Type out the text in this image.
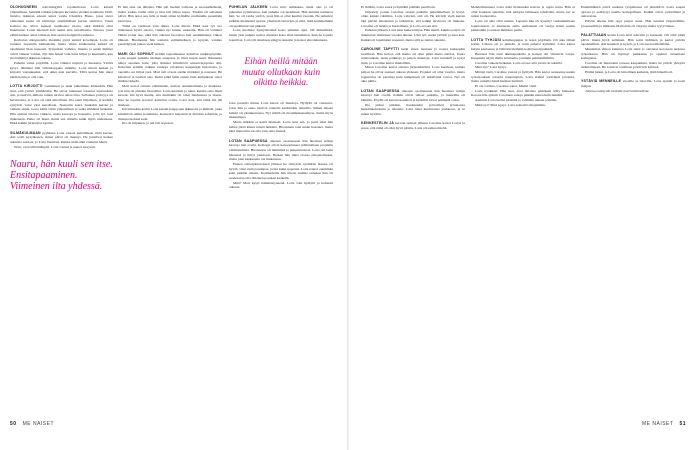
OLOHUONEEN sohvalängyllä rojahtelivaan Lotta katseli ympärilleen. Seinällä roikkui jalkojen kuvaama vitsikäs kaunistus 1920-luvulta, ikkunan edessä seisoi vanha Chambre Bleue, jossa oleva valkoinen kuusi oli näyttänyt ensimmäisen kerran sisävalot. Tässä kodissa he olivat asuneet neljätoista vuotta, eikä mikään ollut muuttunut. Lotan mielestä koti tuntui aina turvalliselta. Talossa, jossa elämä kulkee omaa tahtiaan, hän saattoi hengittää rauhassa.

Kotitalon ulkopuolella maailma pyöri entistä kovempaa. Lotta oli tottunut nopeisiin käänteisiin, mutta viime kuukausina kaikki oli tapahtunut liian nopeasti. Työpaikan vaihdos, muutto ja uudet ihmiset olivat vieneet voimat. Nyt hän halusi vain istua hiljaa ja kuunnella, kun ilta hämärtyi ikkunan takana.

Puhelin värisi pöydällä. Lotta vilkaisi näyttöä ja huokaisi. Ystävä kysyi, lähtisikö hän viikonloppuna mökille. Lotta mietti hetken ja kirjoitti vastaukseksi, että ehkä ensi kerralla. Tällä kertaa hän aikoi jäädä kotiin ja olla vain.

LOTTA KIRJOITTI vastauksen ja laski puhelimen kädestään. Hän tiesi, että ystävä ymmärtäisi. He olivat tunteneet toisensa lapsuudesta asti, ja tiesivät, milloin toinen tarvitsi omaa tilaa. Sellainen ystävyys oli harvinaista, ja Lotta oli siitä kiitollinen. Ilta eteni hiljalleen, ja kadulla syttyivät valot yksi kerrallaan. Naapurin koira haukahti kerran ja vaikeni sitten. Lotta kääri viltin ympärilleen ja sulki silmänsä hetkeksi. Hän ajatteli tulevaa viikkoa, uusia kasvoja ja haasteita, joita työ toisi mukanaan. Pelko oli läsnä, mutta sen rinnalla kulki myös uteliaisuus. Ehkä kaikki järjestyisi lopulta.

SILMÄKULMAAN pyyhkien Lotta vastasi puhelimeen vielä kerran. Äiti soitti kysyäkseen, miten päivä oli mennyt. He juttelivat hetken arkisista asioista, ja Lotta huomasi, kuinka äidin ääni rauhoitti häntä.

Noin, vaan tällä käänpää, Lotta vastasi ja nauroi kevyesti.

Nauru, hän kuuli sen itse.
Ensitapaaminen.
Viimeinen ilta yhdessä.

Ei hän aina ole tällaista. Hän piti itseään vahvana ja suoraselkäisenä, mutta joskus rauha riitti ja itku tuli ilman lupaa. Tänään oli sellainen päivä. Hän antoi sen tulla ja meni sitten kylmälle vesihanalle pesemään kasvonsa.

Tämä on varmaan vain alkua, Lotta mietti. Ehkä uusi työ tuo mukanaan hyviä asioita, vaikka nyt tuntuu raskaalta. Hän oli valinnut tämän polun itse, eikä hän aikonut luovuttaa heti ensimmäisen viikon jälkeen. Huomenna hän soittaisi esimiehelleen ja kysyisi, voisiko perehdytystä jatkaa vielä hetken.

MARI OLI SOPINUT heidän tapaamisensa kahvilan nurkkapöytään. Lotta saapui paikalle hieman etuajassa ja tilasi kupin teetä. Ikkunasta näkyi sateinen katu, jolla ihmiset kiirehtivät sateenvarjojensa alla. Kahvilan seinillä roikkui vanhoja valokuvia kaupungin historiasta, ja taustalla soi hiljaa jazz. Mari tuli ovesta sisään märkänä ja nauraen. He halasivat ja istuivat alas. Kului pitkä hetki ennen kuin kumpikaan sanoi mitään tärkeää.

Mari kertoi omasta elämästään, uusista suunnitelmista ja matkasta, jota hän oli pitkään haaveillut. Lotta kuunteli ja tunsi, kuinka oma mieli keveni. Oli hyvä kuulla, että muillakin oli omat murheensa ja ilonsa. Kun he lopulta erosivat kahvilan ovella, Lotta tiesi, että tämä ilta jää mieleen.

Kävellessään kotiin Lotta katseli kauppojen ikkunoita ja ihmisiä, jotka kiirehtivät omiin koteihinsa. Katuvalot heijastuivat märästä asfaltista, ja ilmassa tuoksui sade.

Ilta oli hiljainen, ja uni tuli nopeasti.

PUHELUN JÄLKEEN Lotta kävi suihkussa, meni alas ja oli pukeutua pyjamaansa, kun puhelin soi uudelleen. Hän tunnisti numeron heti. Se oli vanha ystävä, josta hän ei ollut kuullut vuosiin. He puhuivat pitkään menneistä ajoista, yhteisistä tuttavista ja siitä, mitä kummallekin oli tapahtunut sen jälkeen.

Lotta huomasi hymyilevänsä koko puhelun ajan. Oli ihmeellistä, miten yksi puhelu saattoi muuttaa koko illan tunnelman. Kun he lopulta lopettivat, Lotta jäi istumaan sängyn reunalle ja katsoi ulos ikkunasta.

Eihän heillä mitään
muuta ollutkaan kuin
olkitta heikkia.

Joka puolella minne Lotta katsoi oli muistoja. Hyllyllä oli valokuva, jossa hän ja sisko istuivat rannalla kesämökin laiturilla. Siihen aikaan kaikki oli yksinkertaista. Nyt elämä oli monimutkaisempaa, mutta myös rikkaampaa.

Mutta mikään ei kestä ikuisesti. Lotta tiesi sen, ja juuri siksi hän halusi pitää kiinni näistä hetkistä. Huominen toisi uudet haasteet, mutta tänä iltana hän sai olla vain oma itsensä.

LOTAN SAAPUESSA oikeaan osoitteeseen hän huomasi tuttuja kasvoja heti ovella. Kollegat olivat kokoontuneet juhlistamaan projektin valmistumista. Huoneessa oli lämmintä ja puheensorinaa. Lotta otti lasin käteensä ja liittyi joukkoon. Hetken hän tunsi olonsa ulkopuoliseksi, mutta pian keskustelu vei mukanaan.

Pienen esittelykierroksen jälkeen he siirtyivät syömään. Ruoka oli hyvää, viini vielä parempaa, ja ilta kului nopeasti. Lotta nauroi enemmän kuin pitkään aikaan. Kotimatkalla hän mietti, kuinka onnekas hän oli saadessaan olla tällaisen porukan keskellä.

Mitä? Mari kysyi hämmästyneenä. Lotta vain hymyili ja kohautti olkiaan.

50 ME NAISET

Ei mitään, Lotta sanoi ja hymähti päälään puolittain.

Järjestely ponne Caroline saapui paikalle puhelimellaan ja kysyi, oliko kaikki valmiina. Lotta vahvisti, että oli. He kävivät vielä kerran läpi päivän aikataulun ja tarkistivat, että kaikki tarvittava oli mukana. Caroline oli tarkka ja huolellinen, ja Lotta arvosti sitä.

Puhelun jälkeen Lotta istui hetken hiljaa. Hän mietti, kuinka paljon oli muuttunut viimeisen vuoden aikana. Uusi työ, uudet ystävät ja uusi koti. Kaikki oli tapahtunut nopeasti, mutta silti se tuntui oikealta.

CAROLINE TAPYTTI hetki sitten nauraen ja nojasi taaksepäin tuolillaan. Hän kertoi, että matka oli ollut pitkä mutta antoisa. Uusia tuttavuuksia, uusia paikkoja ja paljon muistoja. Lotta kuunteli ja kysyi lisää, ja Caroline kertoi mielellään.

Miten Caroline kertoi omasta järjestelmästä, Lotta huomasi, kuinka paljon he olivat saaneet aikaan yhdessä. Projekti oli ollut vaativa, mutta lopputulos oli parempi kuin kumpikaan oli uskaltanut toivoa. Nyt oli aika juhlia.

LOTAN SAAPUESSA oikeaan osoitteeseen hän huomasi tuttuja kasvoja heti ovella. Kaikki olivat tulleet paikalle, ja tunnelma oli lämmin. Pöydät oli katettu kauniisti ja kynttilät loivat pehmeää valoa.

Ilta jatkui pitkään. Keskustelut polveilivat työasioista henkilökohtaisiin ja takaisin. Lotta tunsi kuuluvansa joukkoon, ja se tuntui hyvältä.

KENKESTELIN JA kerroin tarinan jälkeen Caroline katsoi Lottaa ja sanoi, että tämä oli ollut hyvä päätös. Lotta oli samaa mieltä.

Mahdollisuutena Lotta näki tilaisuuden kasvaa ja oppia uutta. Hän ei ollut koskaan ajatellut, että päätyisi tällaiseen tehtävään, mutta nyt se tuntui luontevalta.

Lotta oli aina ollut utelias. Lapsena hän oli kysellyt vanhemmiltaan loputtomasti, ja aikuisena sama uteliaisuus oli vienyt hänet uusiin paikkoihin ja uusien ihmisten pariin.

LOTTA TYHJÄSI kahvikuppinsa ja nousi pöydästä. Oli aika lähteä kotiin. Ulkona oli jo pimeää, ja tuuli puhalsi kylmänä. Lotta kietoi huivin kaulaansa ja lähti kävelemään kohti bussipysäkkiä.

Bussissa hän istui ikkunapaikalla ja katseli ohi vilistäviä valoja. Kaupunki näytti illalla erilaiselta, jotenkin pehmeämmältä.

Caroline vaikeni hetkeksi. Lotta arvasi, että jotain oli tekeillä.

Mitä nyt? Lotta kysyi.

Mitäpä tästä, Caroline vastasi ja hymyili. Hän kertoi saaneensa uuden työtarjouksen toisesta kaupungista. Lotta ilahtui ystävänsä puolesta, mutta samalla häntä hieman harmitti.

Ei ole varmaa, Caroline sanoi. Mietin vielä.

Lotta nyökkäsi. Hän tiesi, ettei tällaisia päätöksiä tehty hetkessä. Kotona hän ajatteli Carolinen sanoja pitkään ennen kuin nukahti.

Aamulla Lotta heräsi pirteänä ja valmiina uuteen päivään.

Mikä nyt? Mari kysyi. Lotta kohautti olkapäitään.

Ensimmäinen päivä uudessa työpaikassa oli jännittävä. Lotta saapui ajoissa ja esittäytyi uusille kollegoilleen. Kaikki olivat ystävällisiä ja auttavaisia.

Päivän aikana hän oppi paljon uutta. Hän tutustui järjestelmiin, prosesseihin ja ihmisiin. Illalla hän oli väsynyt mutta tyytyväinen.

PALATTUAAN kotiin Lotta istui sohvalle ja huokaisi. Oli ollut pitkä päivä, mutta hyvä sellainen. Hän soitti äidilleen ja kertoi päivän tapahtumista. Äiti kuunteli ja kyseli, ja Lotta kertoi mielellään.

Muutaman viikon kuluttua Lotta tunsi jo olevansa kotonaan uudessa työpaikassa. Hän oli löytänyt paikkansa ja oppinut tuntemaan kollegansa.

Caroline oli muuttanut toiseen kaupunkiin, mutta he pitivät yhteyttä säännöllisesti. He soittivat toisilleen ja kävivät kylässä.

Elämä jatkui, ja Lotta oli kiitollinen kaikesta, mitä hänellä oli.

YSTÄVIÄ MENNEILLE vuosille ja tuleville, Lotta ajatteli ja nosti maljan.

Jutussa esiintyvät henkilöt ovat kuvitteellisia.

ME NAISET 51
